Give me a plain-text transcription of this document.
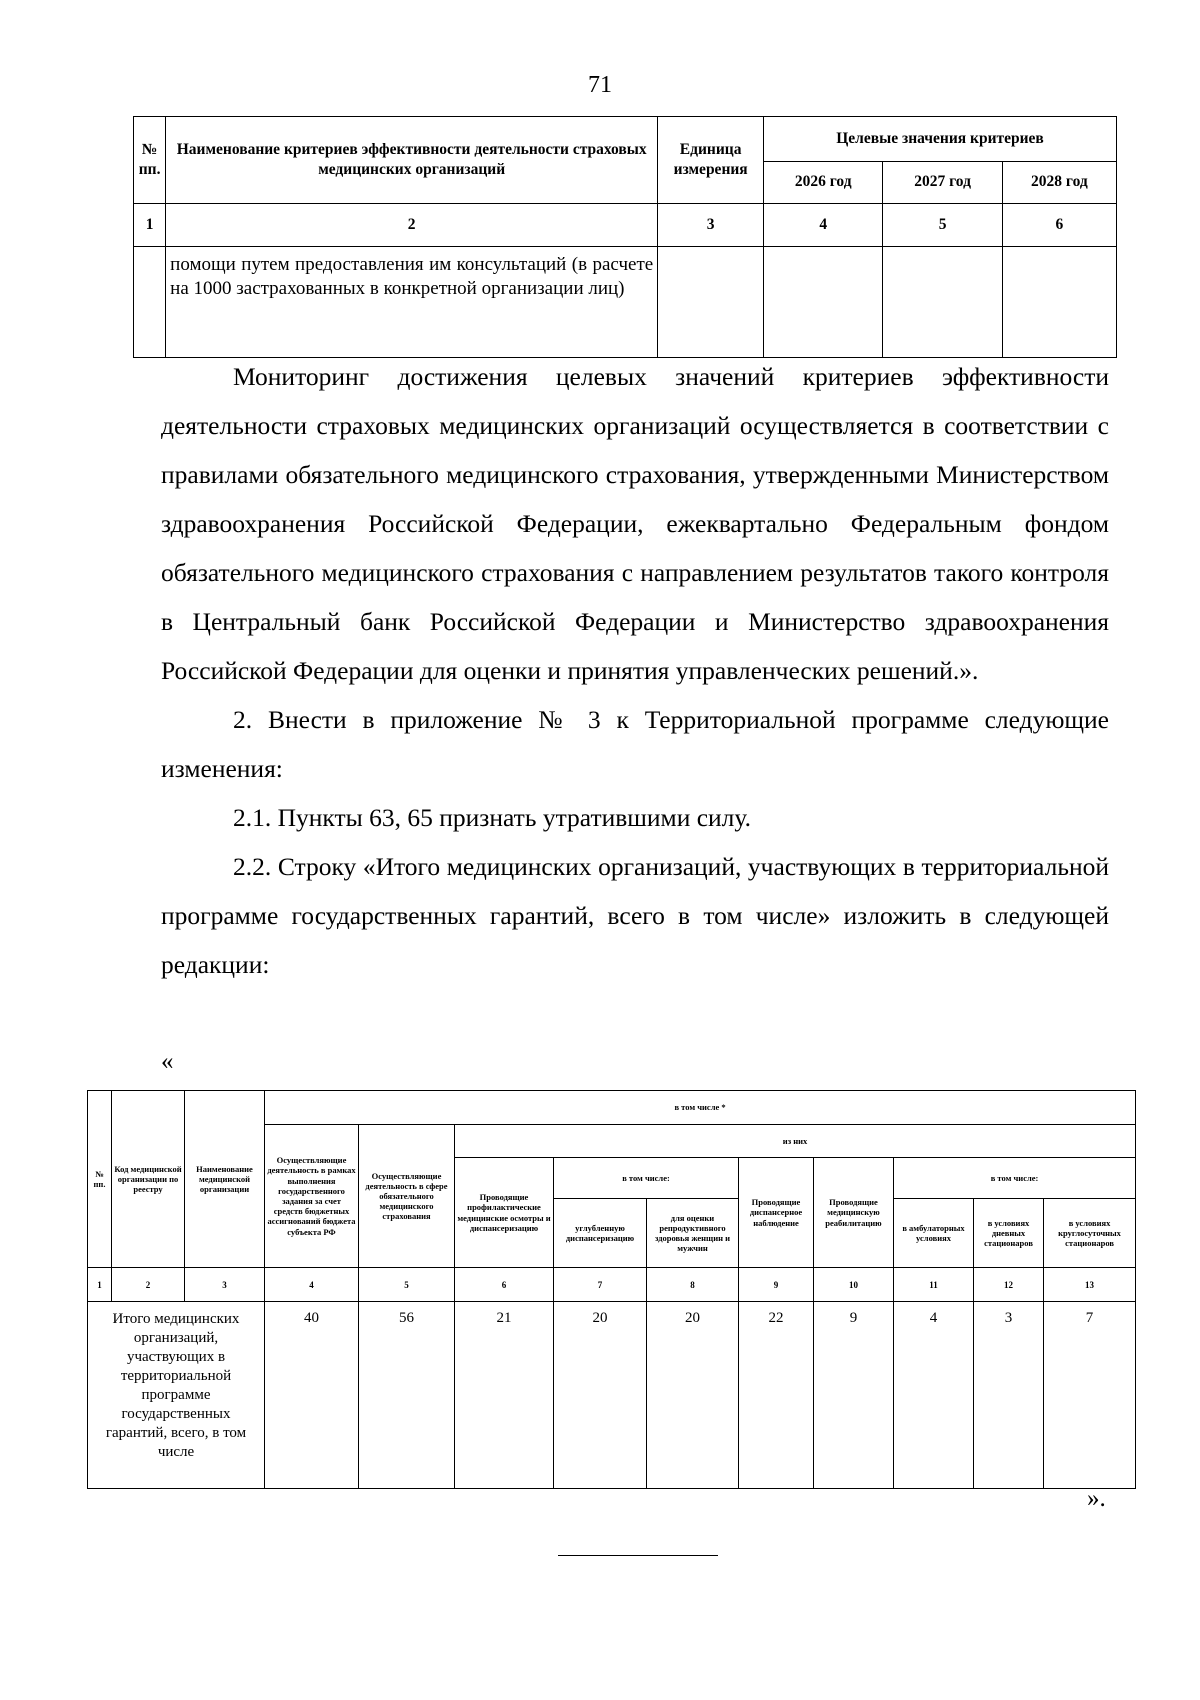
71
№ пп.	Наименование критериев эффективности деятельности страховых медицинских организаций	Единица измерения	Целевые значения критериев		
			2026 год	2027 год	2028 год
1	2	3	4	5	6
	помощи путем предоставления им консультаций (в расчете на 1000 застрахованных в конкретной организации лиц)				

Мониторинг достижения целевых значений критериев эффективности деятельности страховых медицинских организаций осуществляется в соответствии с правилами обязательного медицинского страхования, утвержденными Министерством здравоохранения Российской Федерации, ежеквартально Федеральным фондом обязательного медицинского страхования с направлением результатов такого контроля в Центральный банк Российской Федерации и Министерство здравоохранения Российской Федерации для оценки и принятия управленческих решений.».

2. Внести в приложение № 3 к Территориальной программе следующие изменения:

2.1. Пункты 63, 65 признать утратившими силу.

2.2. Строку «Итого медицинских организаций, участвующих в территориальной программе государственных гарантий, всего в том числе» изложить в следующей редакции:

«
№ пп.	Код медицинской организации по реестру	Наименование медицинской организации	в том числе *									
			Осуществляющие деятельность в рамках выполнения государственного задания за счет средств бюджетных ассигнований бюджета субъекта РФ	Осуществляющие деятельность в сфере обязательного медицинского страхования	из них							
					Проводящие профилактические медицинские осмотры и диспансеризацию	в том числе:		Проводящие диспансерное наблюдение	Проводящие медицинскую реабилитацию	в том числе:		
						углубленную диспансеризацию	для оценки репродуктивного здоровья женщин и мужчин			в амбулаторных условиях	в условиях дневных стационаров	в условиях круглосуточных стационаров
1	2	3	4	5	6	7	8	9	10	11	12	13
Итого медицинских организаций, участвующих в территориальной программе государственных гарантий, всего, в том числе			40	56	21	20	20	22	9	4	3	7
».
